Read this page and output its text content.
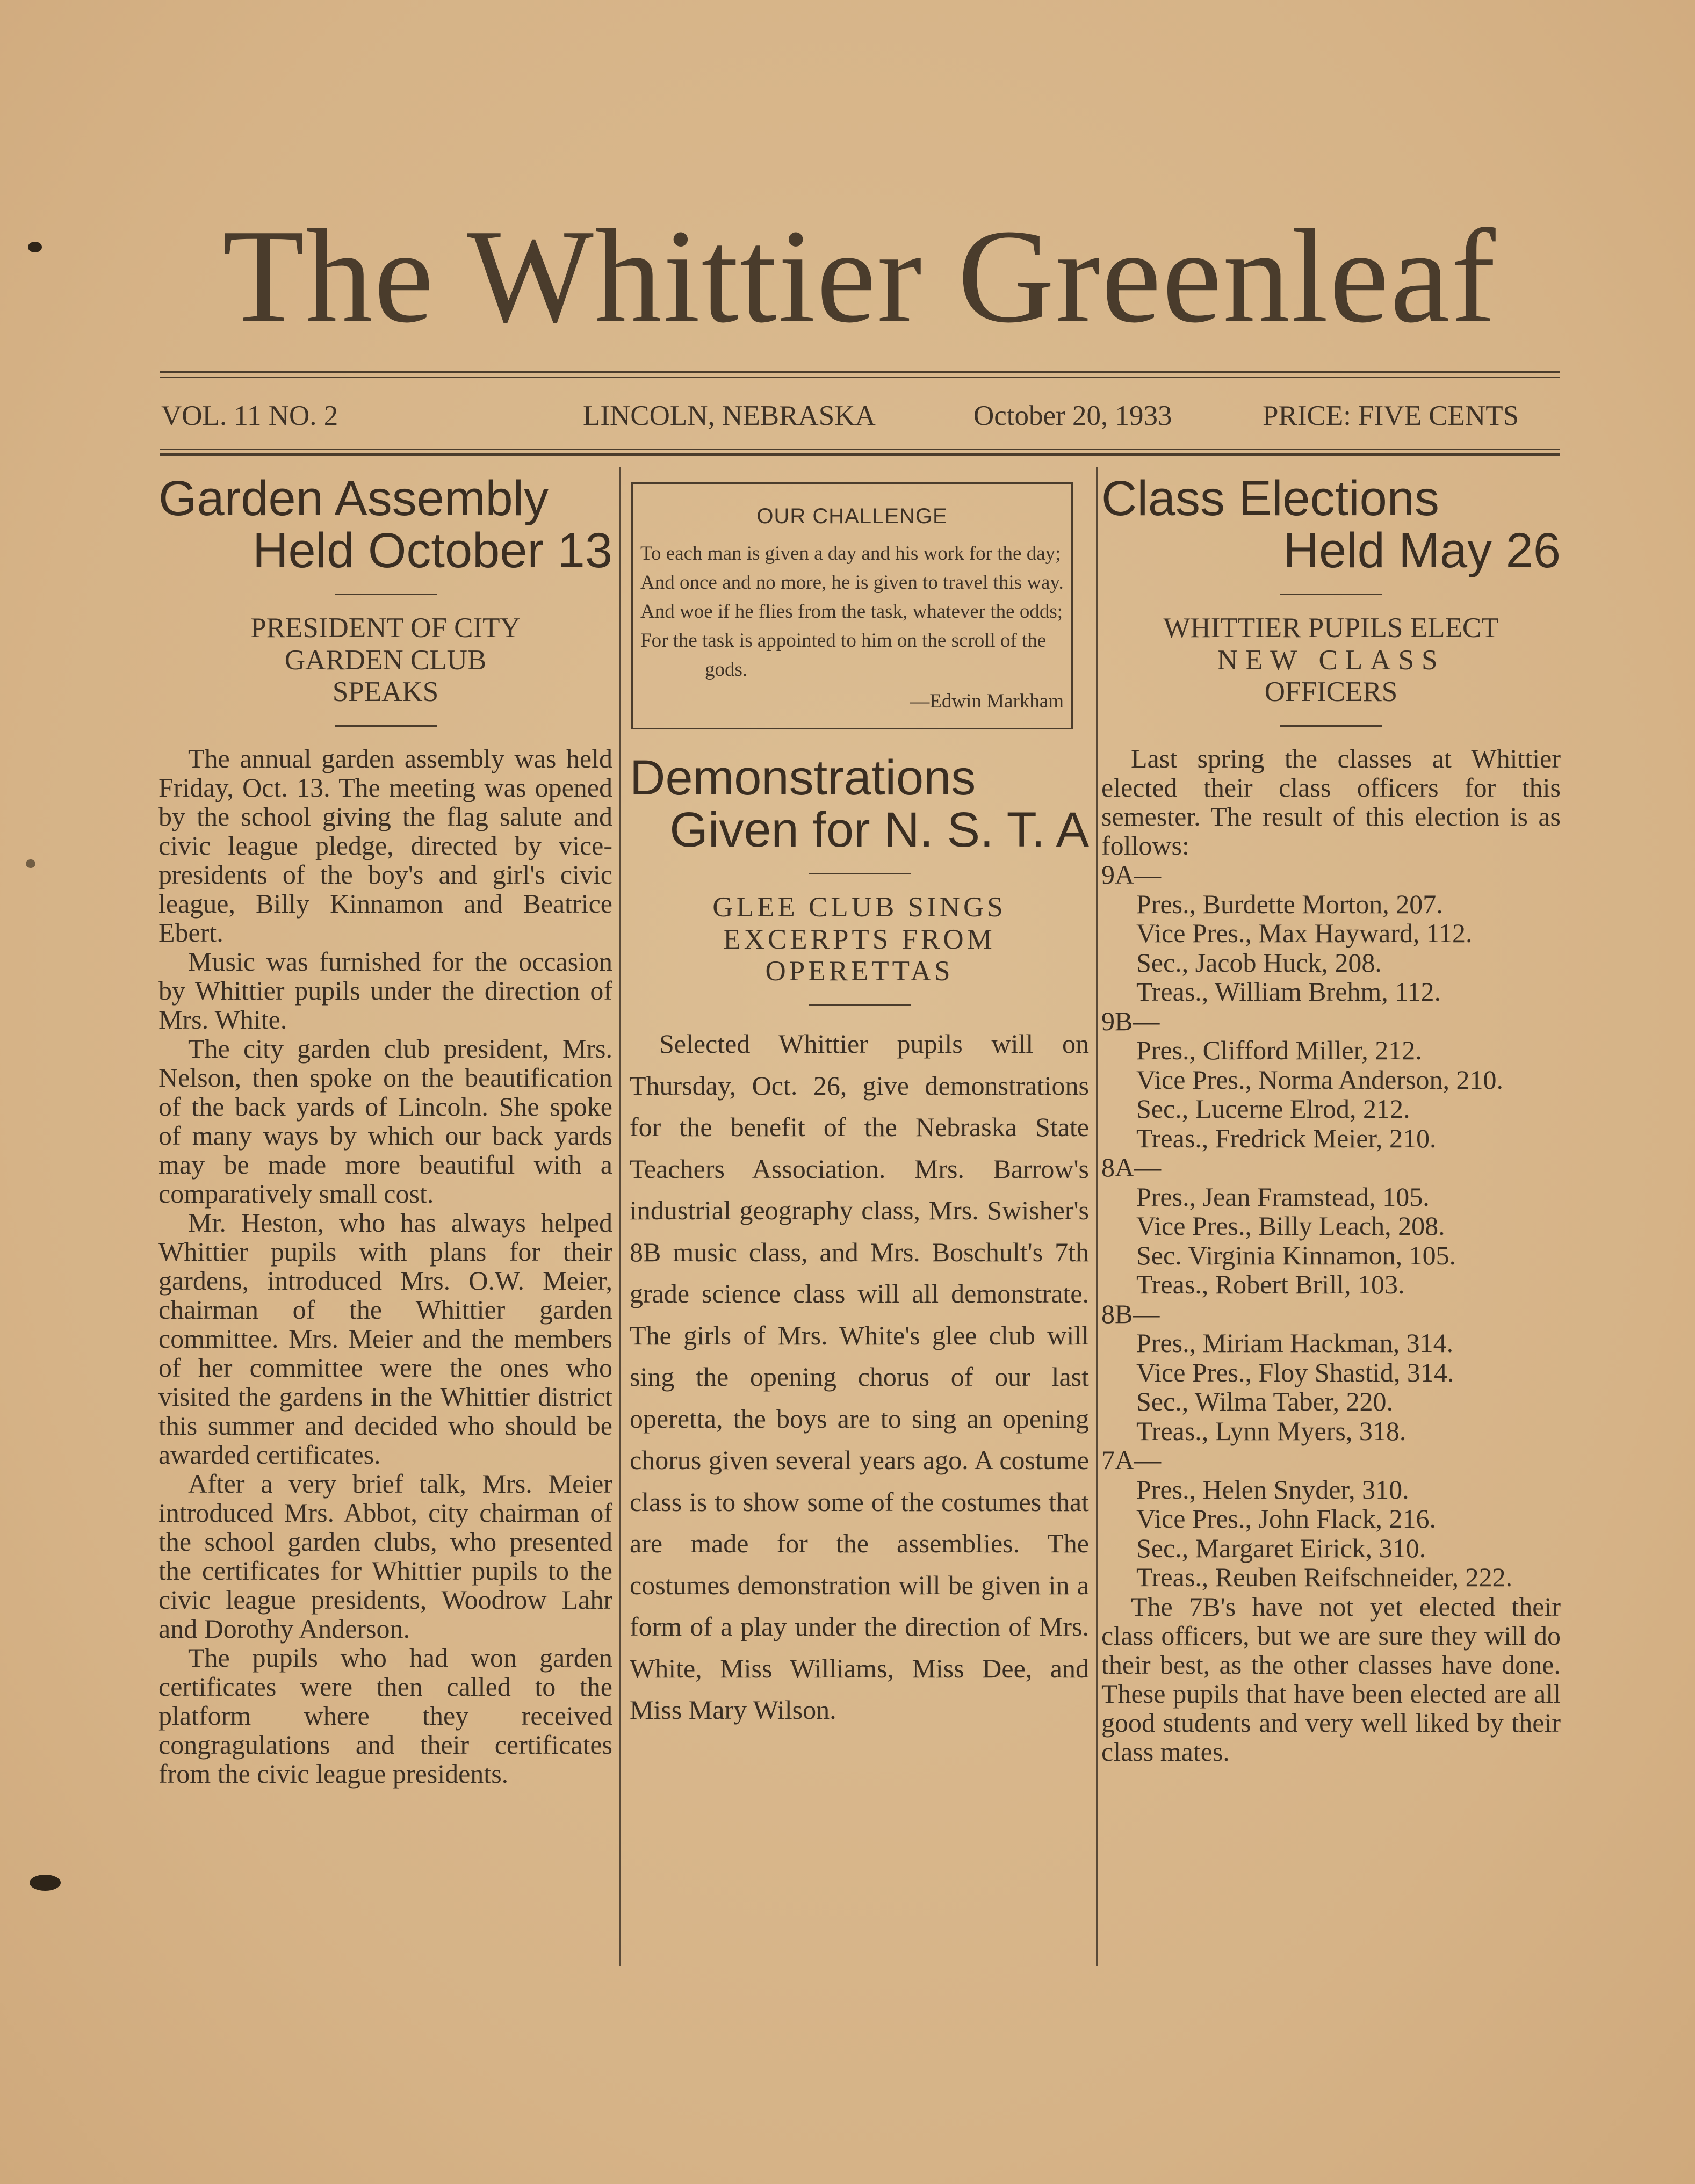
The Whittier Greenleaf
VOL. 11 NO. 2	LINCOLN, NEBRASKA	October 20, 1933	PRICE: FIVE CENTS
Garden Assembly
Held October 13
PRESIDENT OF CITY
GARDEN CLUB
SPEAKS

The annual garden assembly was held Friday, Oct. 13. The meeting was opened by the school giving the flag salute and civic league pledge, directed by vice-presidents of the boy's and girl's civic league, Billy Kinnamon and Beatrice Ebert.

Music was furnished for the occasion by Whittier pupils under the direction of Mrs. White.

The city garden club president, Mrs. Nelson, then spoke on the beautification of the back yards of Lincoln. She spoke of many ways by which our back yards may be made more beautiful with a comparatively small cost.

Mr. Heston, who has always helped Whittier pupils with plans for their gardens, introduced Mrs. O.W. Meier, chairman of the Whittier garden committee. Mrs. Meier and the members of her committee were the ones who visited the gardens in the Whittier district this summer and decided who should be awarded certificates.

After a very brief talk, Mrs. Meier introduced Mrs. Abbot, city chairman of the school garden clubs, who presented the certificates for Whittier pupils to the civic league presidents, Woodrow Lahr and Dorothy Anderson.

The pupils who had won garden certificates were then called to the platform where they received congragulations and their certificates from the civic league presidents.

OUR CHALLENGE
To each man is given a day and his work for the day;
And once and no more, he is given to travel this way.
And woe if he flies from the task, whatever the odds;
For the task is appointed to him on the scroll of the gods.
—Edwin Markham
Demonstrations
Given for N. S. T. A
GLEE CLUB SINGS
EXCERPTS FROM
OPERETTAS

Selected Whittier pupils will on Thursday, Oct. 26, give demonstrations for the benefit of the Nebraska State Teachers Association. Mrs. Barrow's industrial geography class, Mrs. Swisher's 8B music class, and Mrs. Boschult's 7th grade science class will all demonstrate. The girls of Mrs. White's glee club will sing the opening chorus of our last operetta, the boys are to sing an opening chorus given several years ago. A costume class is to show some of the costumes that are made for the assemblies. The costumes demonstration will be given in a form of a play under the direction of Mrs. White, Miss Williams, Miss Dee, and Miss Mary Wilson.

Class Elections
Held May 26
WHITTIER PUPILS ELECT
NEW CLASS
OFFICERS

Last spring the classes at Whittier elected their class officers for this semester. The result of this election is as follows:

9A—
Pres., Burdette Morton, 207.
Vice Pres., Max Hayward, 112.
Sec., Jacob Huck, 208.
Treas., William Brehm, 112.
9B—
Pres., Clifford Miller, 212.
Vice Pres., Norma Anderson, 210.
Sec., Lucerne Elrod, 212.
Treas., Fredrick Meier, 210.
8A—
Pres., Jean Framstead, 105.
Vice Pres., Billy Leach, 208.
Sec. Virginia Kinnamon, 105.
Treas., Robert Brill, 103.
8B—
Pres., Miriam Hackman, 314.
Vice Pres., Floy Shastid, 314.
Sec., Wilma Taber, 220.
Treas., Lynn Myers, 318.
7A—
Pres., Helen Snyder, 310.
Vice Pres., John Flack, 216.
Sec., Margaret Eirick, 310.
Treas., Reuben Reifschneider, 222.

The 7B's have not yet elected their class officers, but we are sure they will do their best, as the other classes have done. These pupils that have been elected are all good students and very well liked by their class mates.
